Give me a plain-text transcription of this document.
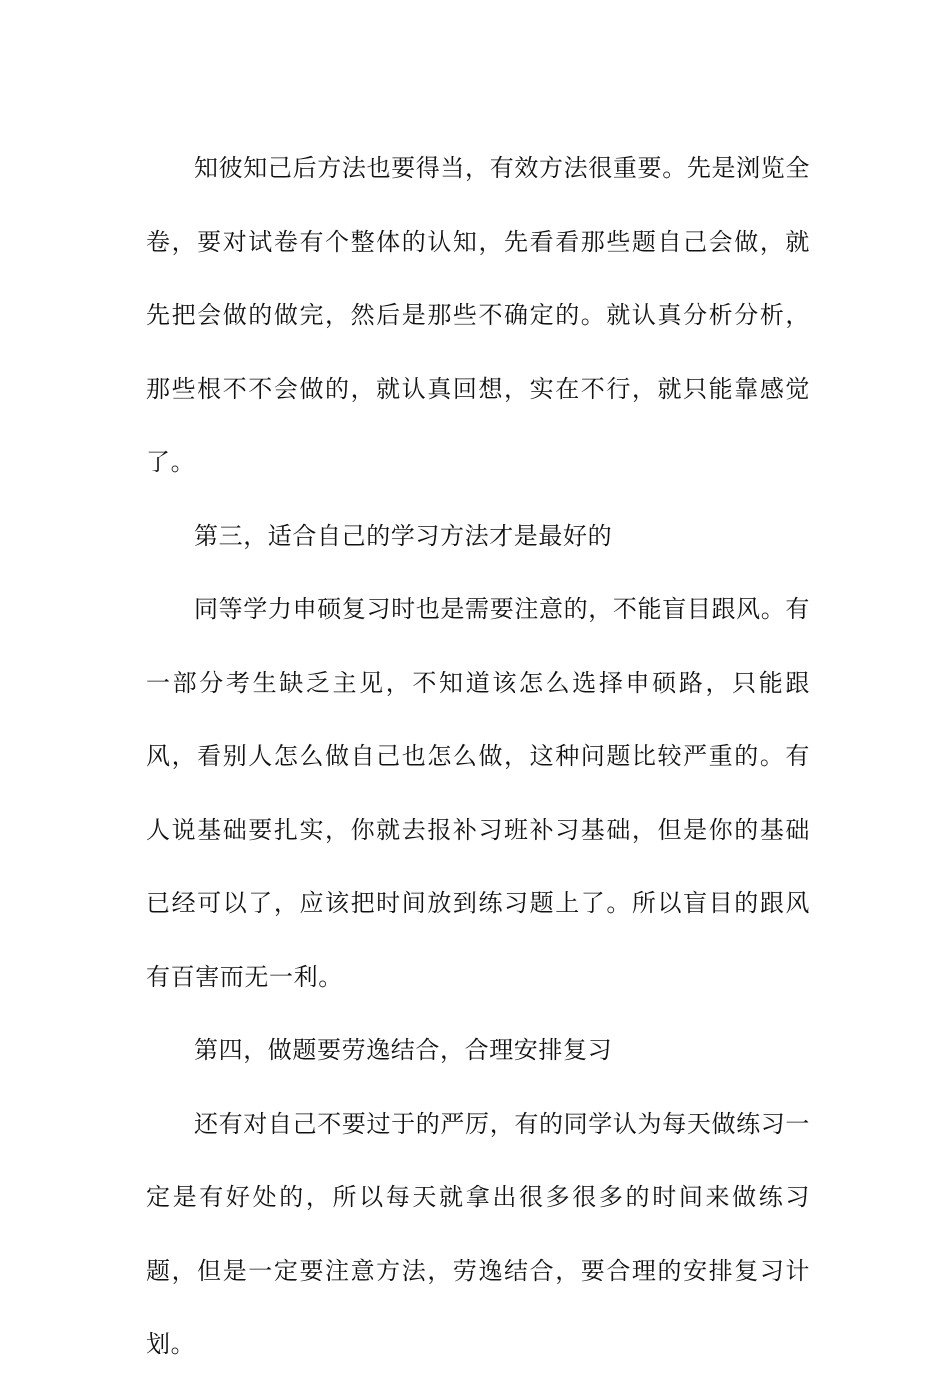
知彼知己后方法也要得当，有效方法很重要。先是浏览全卷，要对试卷有个整体的认知，先看看那些题自己会做，就先把会做的做完，然后是那些不确定的。就认真分析分析，那些根不不会做的，就认真回想，实在不行，就只能靠感觉了。

第三，适合自己的学习方法才是最好的

同等学力申硕复习时也是需要注意的，不能盲目跟风。有一部分考生缺乏主见，不知道该怎么选择申硕路，只能跟风，看别人怎么做自己也怎么做，这种问题比较严重的。有人说基础要扎实，你就去报补习班补习基础，但是你的基础已经可以了，应该把时间放到练习题上了。所以盲目的跟风有百害而无一利。

第四，做题要劳逸结合，合理安排复习

还有对自己不要过于的严厉，有的同学认为每天做练习一定是有好处的，所以每天就拿出很多很多的时间来做练习题，但是一定要注意方法，劳逸结合，要合理的安排复习计划。
